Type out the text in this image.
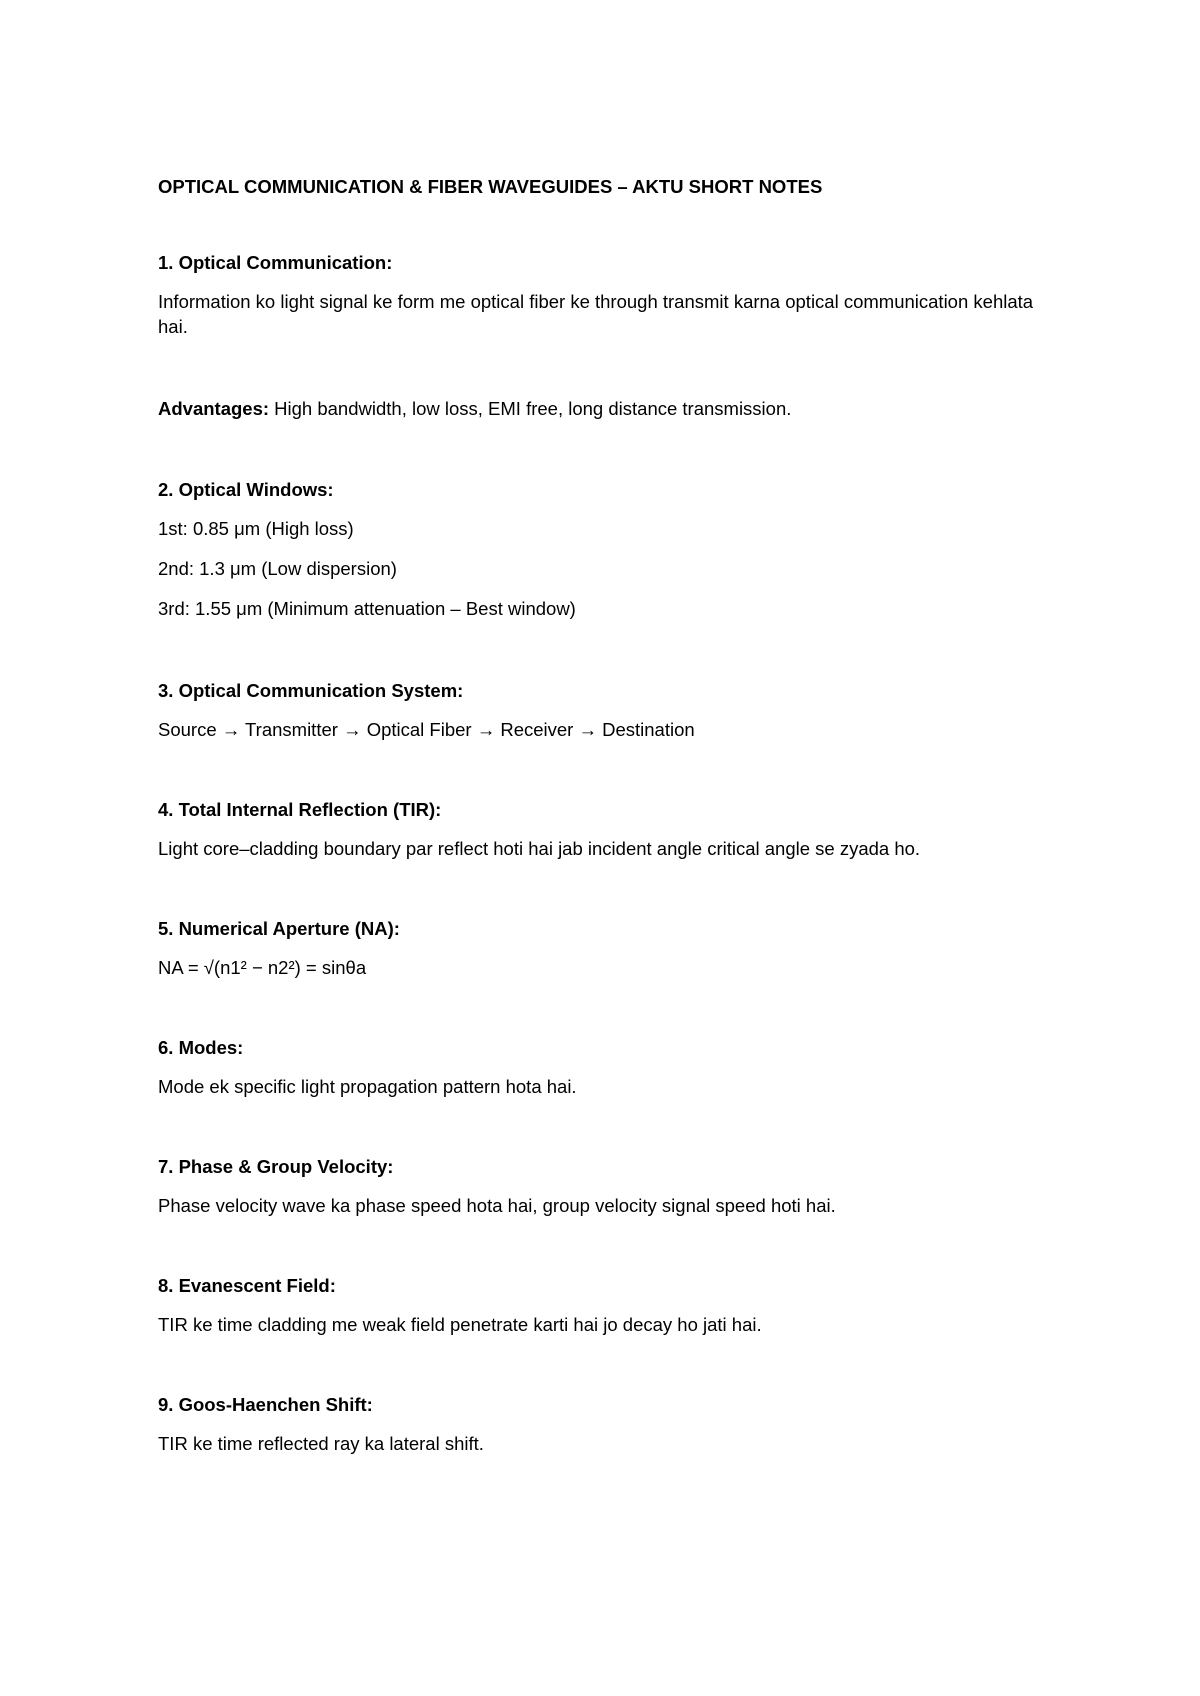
OPTICAL COMMUNICATION & FIBER WAVEGUIDES – AKTU SHORT NOTES
1. Optical Communication:
Information ko light signal ke form me optical fiber ke through transmit karna optical communication kehlata hai.
Advantages: High bandwidth, low loss, EMI free, long distance transmission.
2. Optical Windows:
1st: 0.85 μm (High loss)
2nd: 1.3 μm (Low dispersion)
3rd: 1.55 μm (Minimum attenuation – Best window)
3. Optical Communication System:
Source → Transmitter → Optical Fiber → Receiver → Destination
4. Total Internal Reflection (TIR):
Light core–cladding boundary par reflect hoti hai jab incident angle critical angle se zyada ho.
5. Numerical Aperture (NA):
NA = √(n1² − n2²) = sinθa
6. Modes:
Mode ek specific light propagation pattern hota hai.
7. Phase & Group Velocity:
Phase velocity wave ka phase speed hota hai, group velocity signal speed hoti hai.
8. Evanescent Field:
TIR ke time cladding me weak field penetrate karti hai jo decay ho jati hai.
9. Goos-Haenchen Shift:
TIR ke time reflected ray ka lateral shift.
